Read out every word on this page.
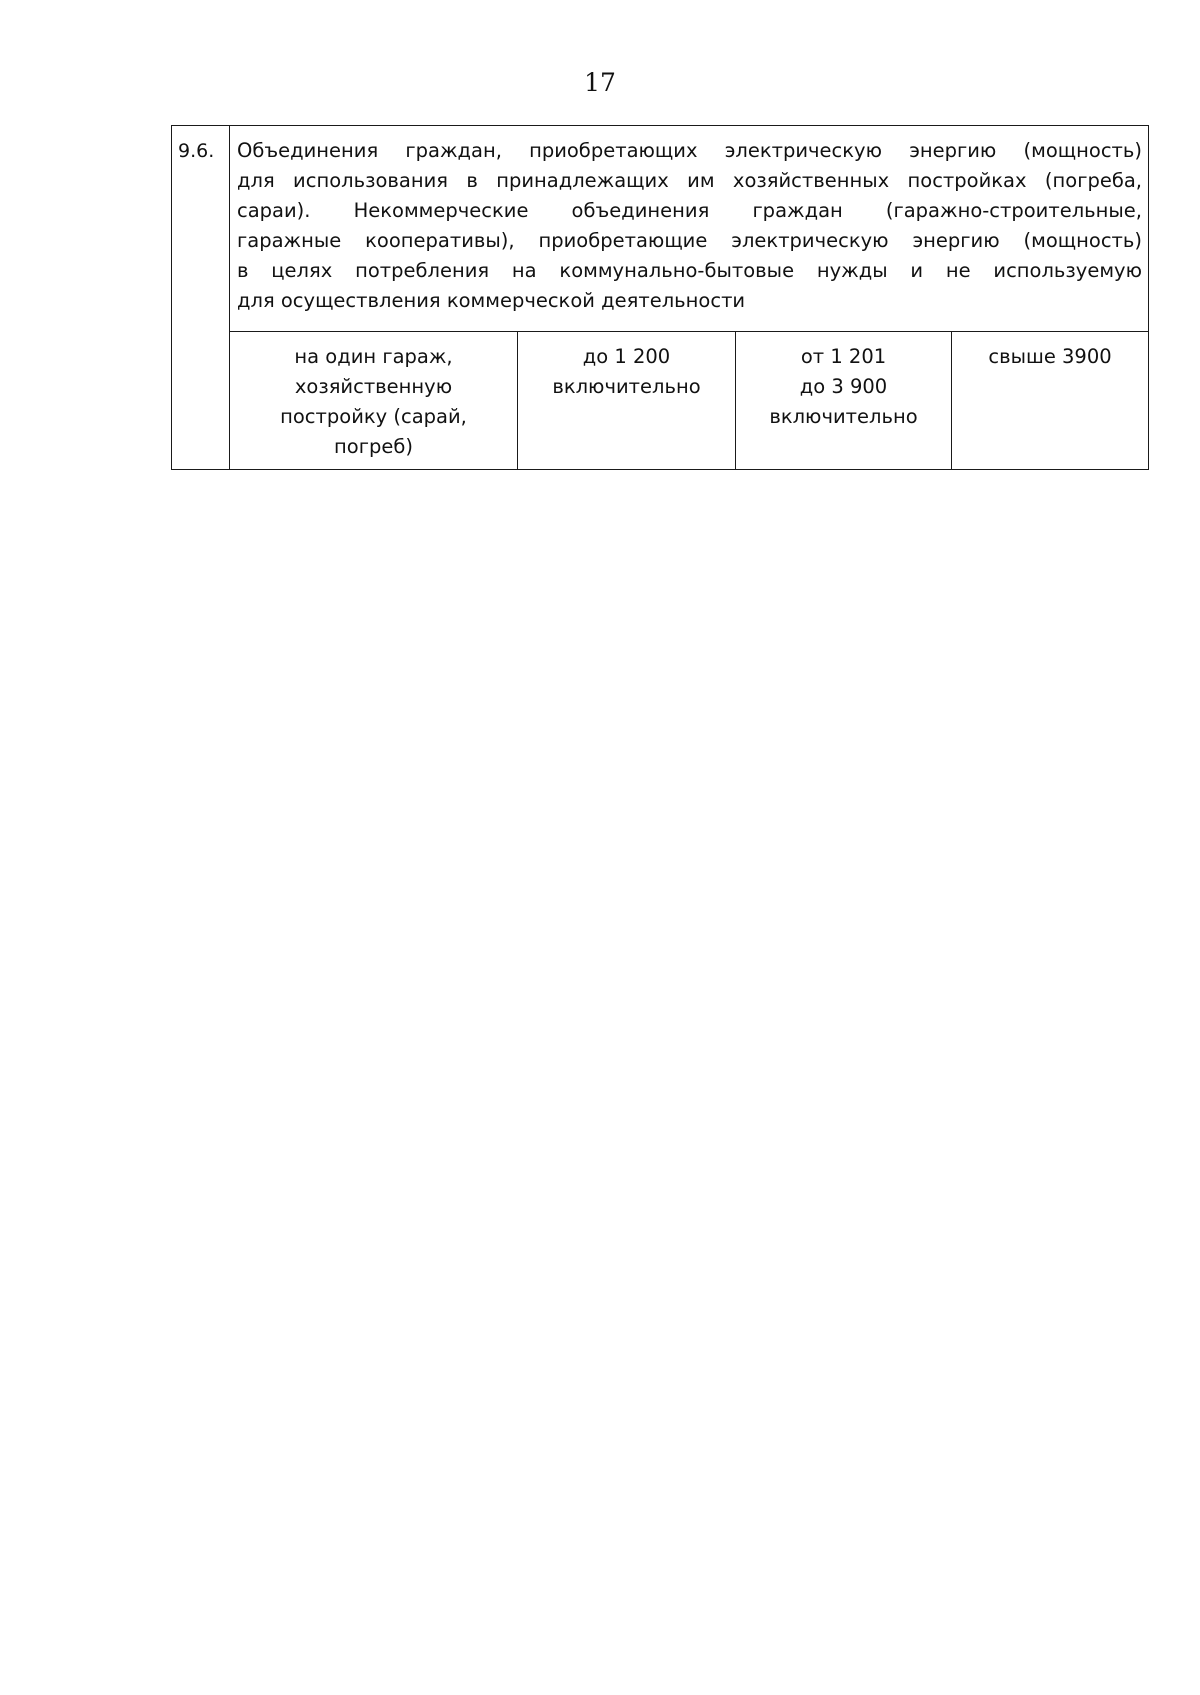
17
9.6.	Объединения граждан, приобретающих электрическую энергию (мощность)
для использования в принадлежащих им хозяйственных постройках (погреба,
сараи). Некоммерческие объединения граждан (гаражно-строительные,
гаражные кооперативы), приобретающие электрическую энергию (мощность)
в целях потребления на коммунально-бытовые нужды и не используемую
для осуществления коммерческой деятельности
на один гараж,
хозяйственную
постройку (сарай,
погреб)
до 1 200
включительно
от 1 201
до 3 900
включительно
свыше 3900
